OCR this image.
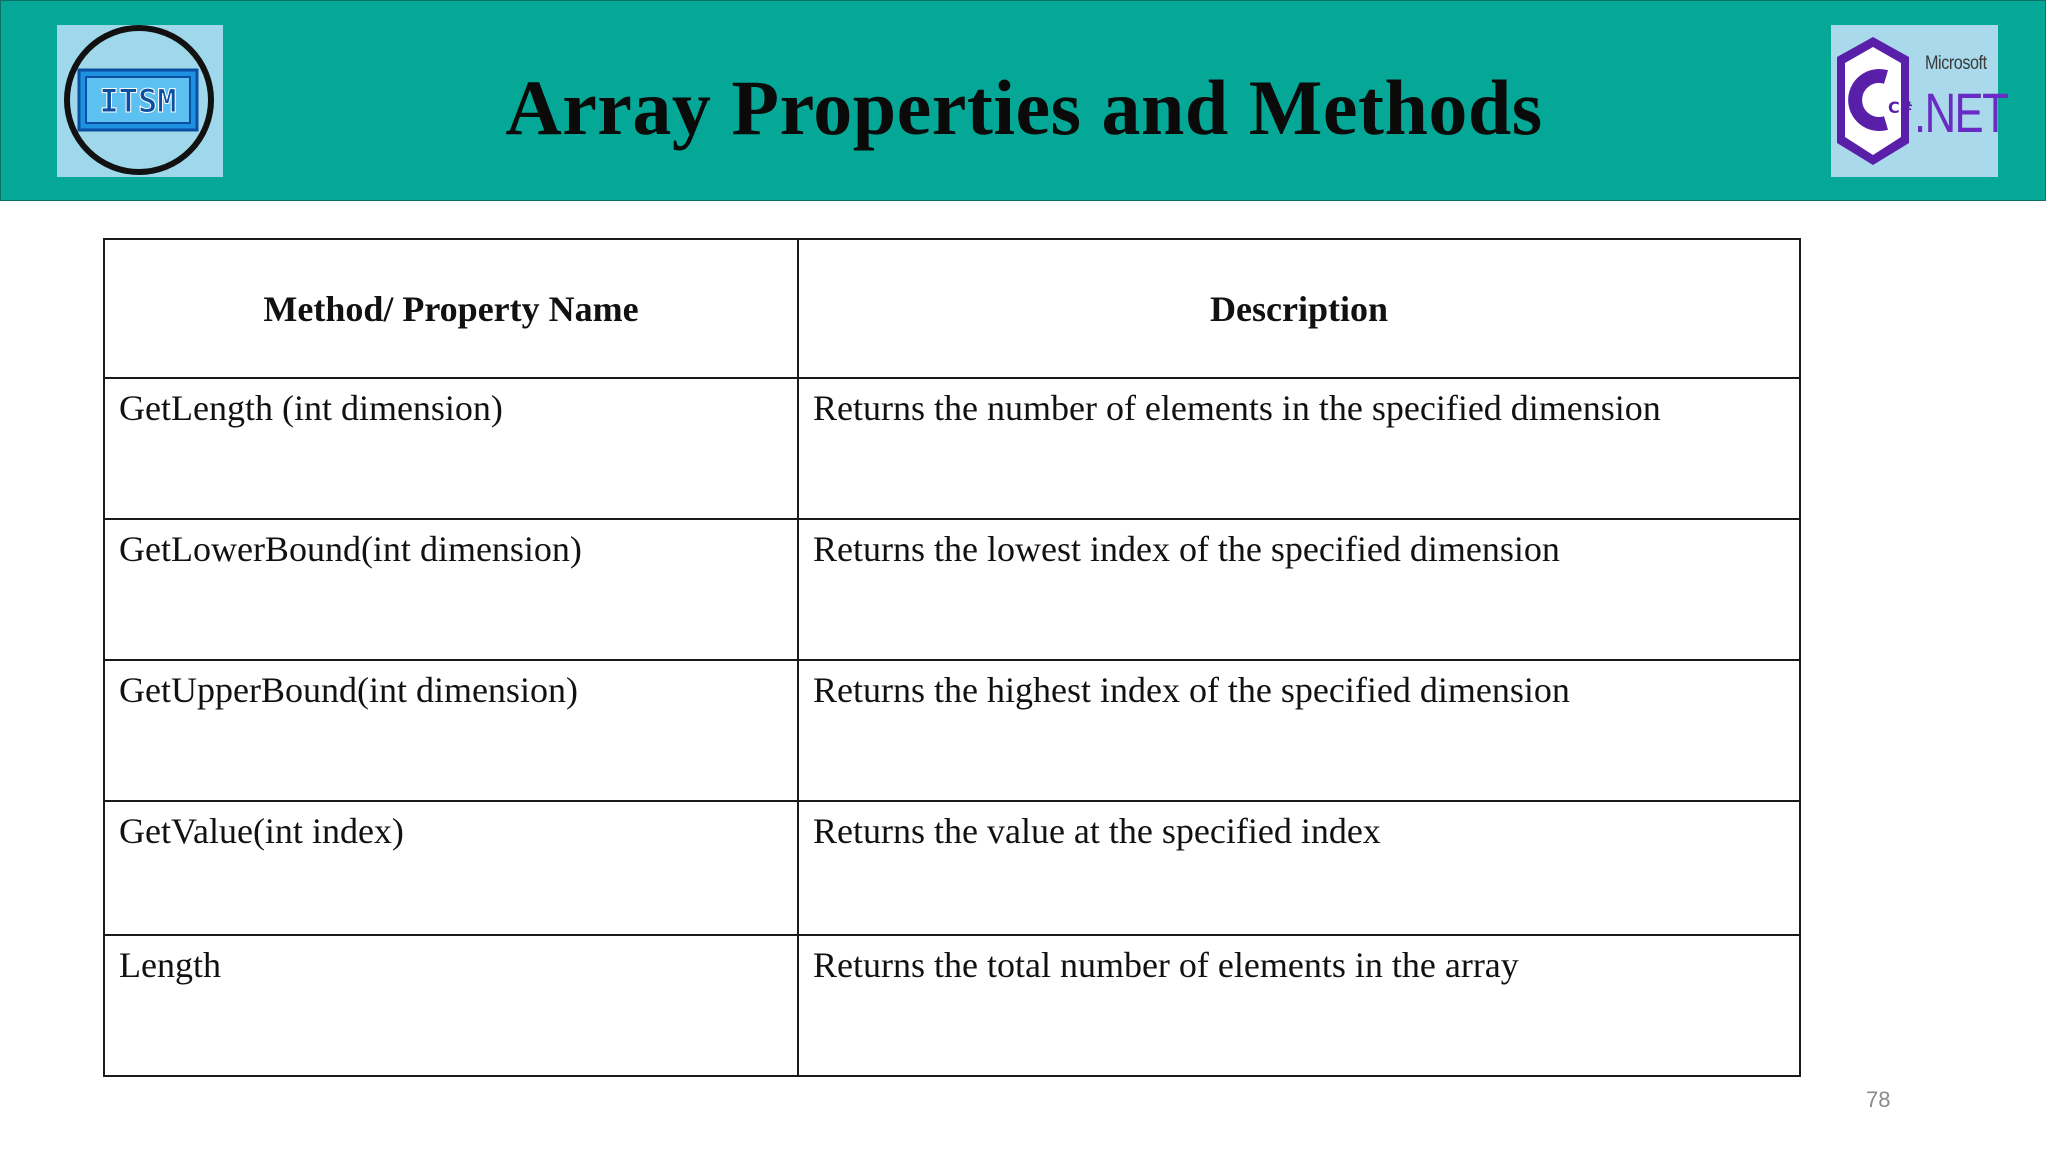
ITSM	C#
Microsoft
.NET
Array Properties and Methods
Method/ Property Name	Description
GetLength (int dimension)	Returns the number of elements in the specified dimension
GetLowerBound(int dimension)	Returns the lowest index of the specified dimension
GetUpperBound(int dimension)	Returns the highest index of the specified dimension
GetValue(int index)	Returns the value at the specified index
Length	Returns the total number of elements in the array
78
